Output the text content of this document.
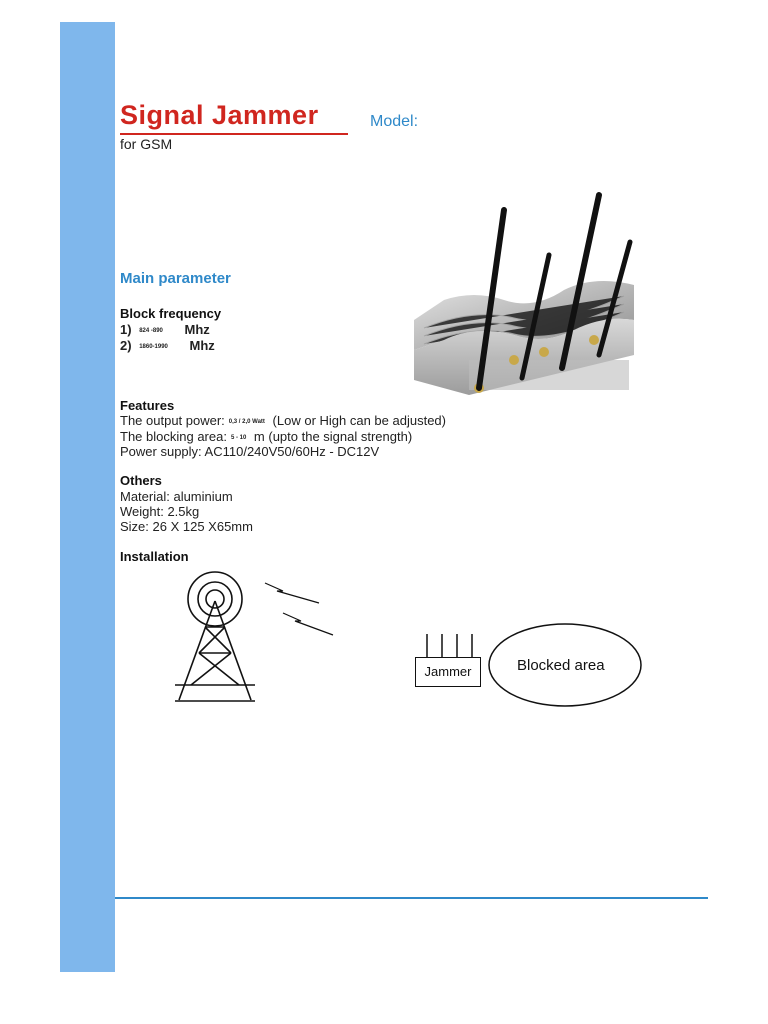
Signal Jammer	Model:
for GSM
Main parameter
Block frequency
1) 824 -890 Mhz
2) 1860-1990 Mhz
Features
The output power: 0,3 / 2,0 Watt (Low or High can be adjusted)
The blocking area: 5 - 10 m (upto the signal strength)
Power supply: AC110/240V50/60Hz - DC12V
Others
Material: aluminium
Weight: 2.5kg
Size: 26 X 125 X65mm
Installation
Jammer	Blocked area
